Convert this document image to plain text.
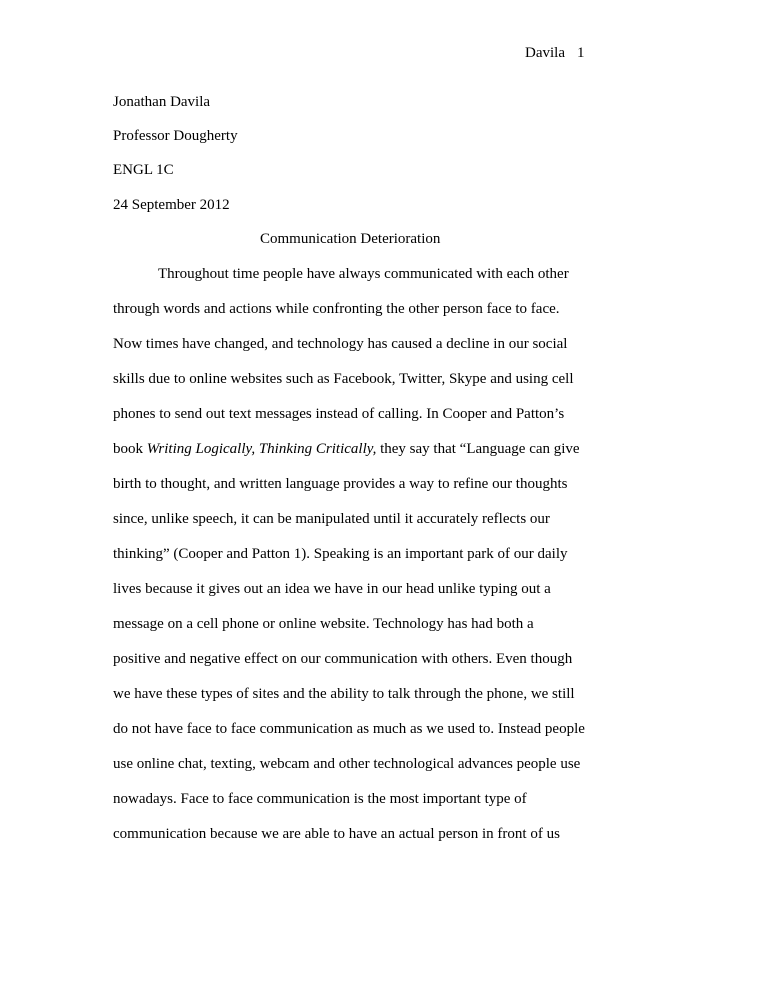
Davila 1
Jonathan Davila
Professor Dougherty
ENGL 1C
24 September 2012
Communication Deterioration
Throughout time people have always communicated with each other
through words and actions while confronting the other person face to face.
Now times have changed, and technology has caused a decline in our social
skills due to online websites such as Facebook, Twitter, Skype and using cell
phones to send out text messages instead of calling. In Cooper and Patton’s
book Writing Logically, Thinking Critically, they say that “Language can give
birth to thought, and written language provides a way to refine our thoughts
since, unlike speech, it can be manipulated until it accurately reflects our
thinking” (Cooper and Patton 1). Speaking is an important park of our daily
lives because it gives out an idea we have in our head unlike typing out a
message on a cell phone or online website. Technology has had both a
positive and negative effect on our communication with others. Even though
we have these types of sites and the ability to talk through the phone, we still
do not have face to face communication as much as we used to. Instead people
use online chat, texting, webcam and other technological advances people use
nowadays. Face to face communication is the most important type of
communication because we are able to have an actual person in front of us
